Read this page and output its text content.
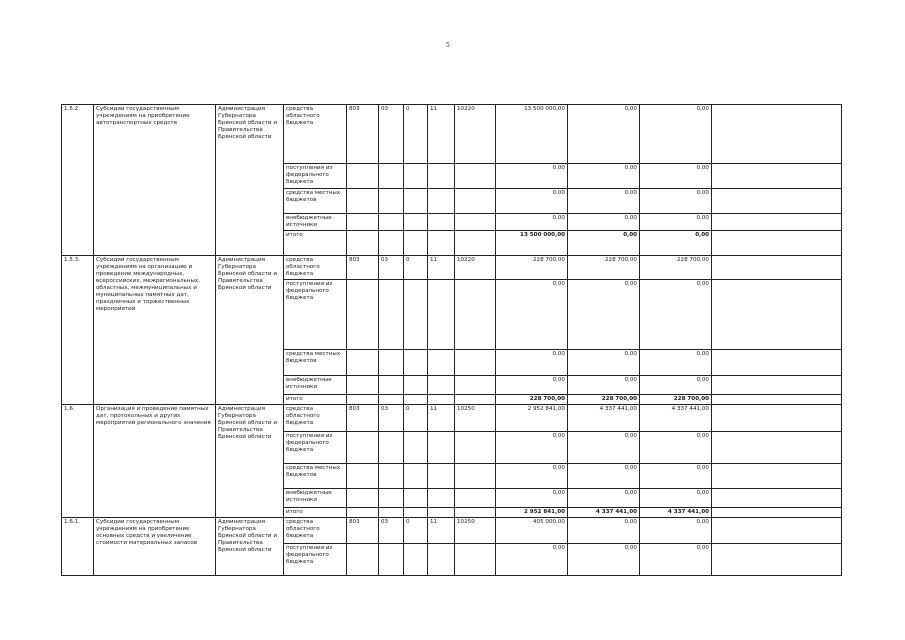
5
1.5.2.	Субсидии государственным учреждениям на приобретение автотранспортных средств	Администрация Губернатора Брянской области и Правительства Брянской области	средства областного бюджета	803	03	0	11	10220	13 500 000,00	0,00	0,00	
			поступления из федерального бюджета						0,00	0,00	0,00	
			средства местных бюджетов						0,00	0,00	0,00	
			внебюджетные источники						0,00	0,00	0,00	
			итого						13 500 000,00	0,00	0,00	
1.5.3.	Субсидии государственным учреждениям на организацию и проведение международных, всероссийских, межрегиональных, областных, межмуниципальных и муниципальных памятных дат, праздничных и торжественных мероприятий	Администрация Губернатора Брянской области и Правительства Брянской области	средства областного бюджета	803	03	0	11	10220	228 700,00	228 700,00	228 700,00	
			поступления из федерального бюджета						0,00	0,00	0,00	
			средства местных бюджетов						0,00	0,00	0,00	
			внебюджетные источники						0,00	0,00	0,00	
			итого						228 700,00	228 700,00	228 700,00	
1.6.	Организация и проведение памятных дат, протокольных и других мероприятий регионального значения	Администрация Губернатора Брянской области и Правительства Брянской области	средства областного бюджета	803	03	0	11	10250	2 952 841,00	4 337 441,00	4 337 441,00	
			поступления из федерального бюджета						0,00	0,00	0,00	
			средства местных бюджетов						0,00	0,00	0,00	
			внебюджетные источники						0,00	0,00	0,00	
			итого						2 952 841,00	4 337 441,00	4 337 441,00	
1.6.1.	Субсидии государственным учреждениям на приобретение основных средств и увеличение стоимости материальных запасов	Администрация Губернатора Брянской области и Правительства Брянской области	средства областного бюджета	803	03	0	11	10250	405 000,00	0,00	0,00	
			поступления из федерального бюджета						0,00	0,00	0,00	
